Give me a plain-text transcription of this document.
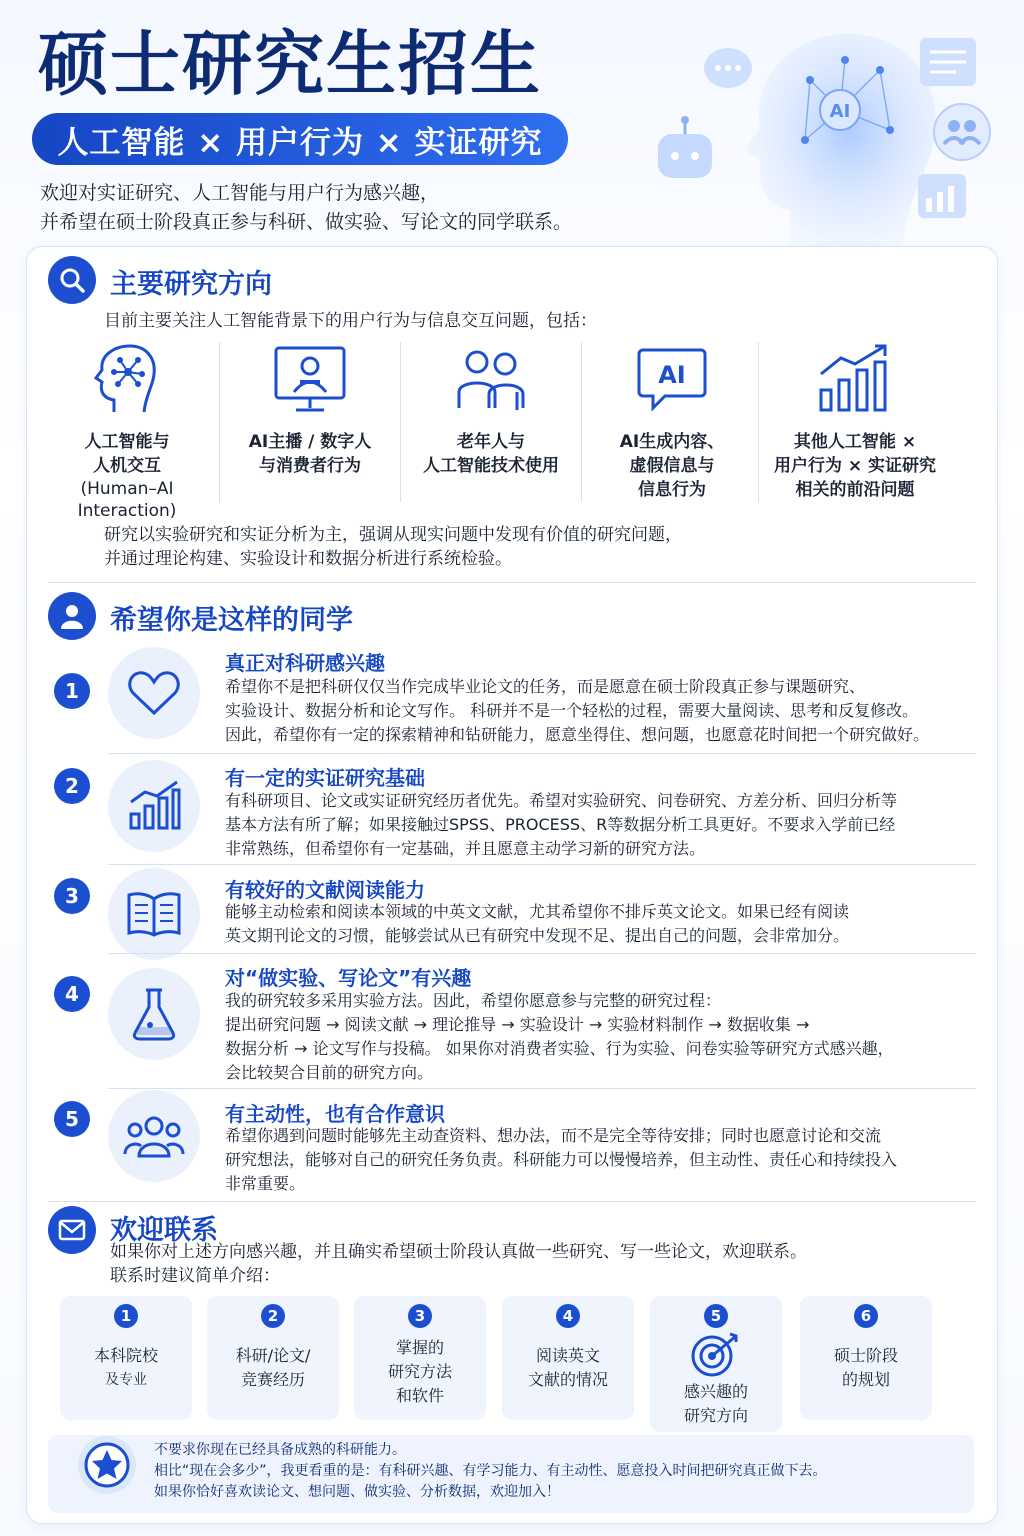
硕士研究生招生
人工智能 × 用户行为 × 实证研究
欢迎对实证研究、人工智能与用户行为感兴趣，
并希望在硕士阶段真正参与科研、做实验、写论文的同学联系。
AI
主要研究方向
目前主要关注人工智能背景下的用户行为与信息交互问题，包括：
人工智能与
人机交互
(Human–AI
Interaction)
AI主播 / 数字人
与消费者行为
老年人与
人工智能技术使用
AI
AI生成内容、
虚假信息与
信息行为
其他人工智能 ×
用户行为 × 实证研究
相关的前沿问题
研究以实验研究和实证分析为主，强调从现实问题中发现有价值的研究问题，
并通过理论构建、实验设计和数据分析进行系统检验。
希望你是这样的同学
1
真正对科研感兴趣
希望你不是把科研仅仅当作完成毕业论文的任务，而是愿意在硕士阶段真正参与课题研究、
实验设计、数据分析和论文写作。 科研并不是一个轻松的过程，需要大量阅读、思考和反复修改。
因此，希望你有一定的探索精神和钻研能力，愿意坐得住、想问题，也愿意花时间把一个研究做好。
2	有一定的实证研究基础
有科研项目、论文或实证研究经历者优先。希望对实验研究、问卷研究、方差分析、回归分析等
基本方法有所了解；如果接触过SPSS、PROCESS、R等数据分析工具更好。不要求入学前已经
非常熟练，但希望你有一定基础，并且愿意主动学习新的研究方法。
3	有较好的文献阅读能力
能够主动检索和阅读本领域的中英文文献，尤其希望你不排斥英文论文。如果已经有阅读
英文期刊论文的习惯，能够尝试从已有研究中发现不足、提出自己的问题，会非常加分。
4
对“做实验、写论文”有兴趣
我的研究较多采用实验方法。因此，希望你愿意参与完整的研究过程：
提出研究问题 → 阅读文献 → 理论推导 → 实验设计 → 实验材料制作 → 数据收集 →
数据分析 → 论文写作与投稿。 如果你对消费者实验、行为实验、问卷实验等研究方式感兴趣，
会比较契合目前的研究方向。
5	有主动性，也有合作意识
希望你遇到问题时能够先主动查资料、想办法，而不是完全等待安排；同时也愿意讨论和交流
研究想法，能够对自己的研究任务负责。科研能力可以慢慢培养，但主动性、责任心和持续投入
非常重要。
欢迎联系
如果你对上述方向感兴趣，并且确实希望硕士阶段认真做一些研究、写一些论文，欢迎联系。
联系时建议简单介绍：
1
本科院校
及专业
2
科研/论文/
竞赛经历
3
掌握的
研究方法
和软件
4
阅读英文
文献的情况
5
感兴趣的
研究方向
6
硕士阶段
的规划
不要求你现在已经具备成熟的科研能力。
相比“现在会多少”，我更看重的是：有科研兴趣、有学习能力、有主动性、愿意投入时间把研究真正做下去。
如果你恰好喜欢读论文、想问题、做实验、分析数据，欢迎加入！
